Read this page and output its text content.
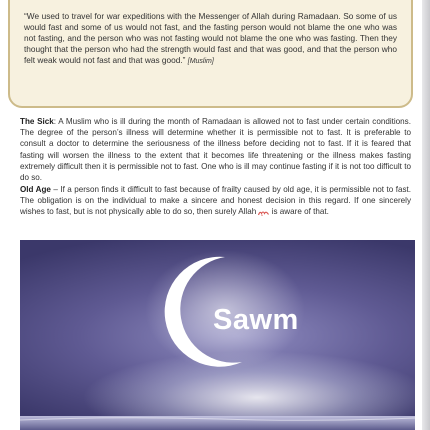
“We used to travel for war expeditions with the Messenger of Allah during Ramadaan. So some of us would fast and some of us would not fast, and the fasting person would not blame the one who was not fasting, and the person who was not fasting would not blame the one who was fasting. Then they thought that the person who had the strength would fast and that was good, and that the person who felt weak would not fast and that was good.” [Muslim]

The Sick: A Muslim who is ill during the month of Ramadaan is allowed not to fast under certain conditions. The degree of the person’s illness will determine whether it is permissible not to fast. It is preferable to consult a doctor to determine the seriousness of the illness before deciding not to fast. If it is feared that fasting will worsen the illness to the extent that it becomes life threatening or the illness makes fasting extremely difficult then it is permissible not to fast. One who is ill may continue fasting if it is not too difficult to do so.

Old Age – If a person finds it difficult to fast because of frailty caused by old age, it is permissible not to fast. The obligation is on the individual to make a sincere and honest decision in this regard. If one sincerely wishes to fast, but is not physically able to do so, then surely Allah  is aware of that.

Sawm
